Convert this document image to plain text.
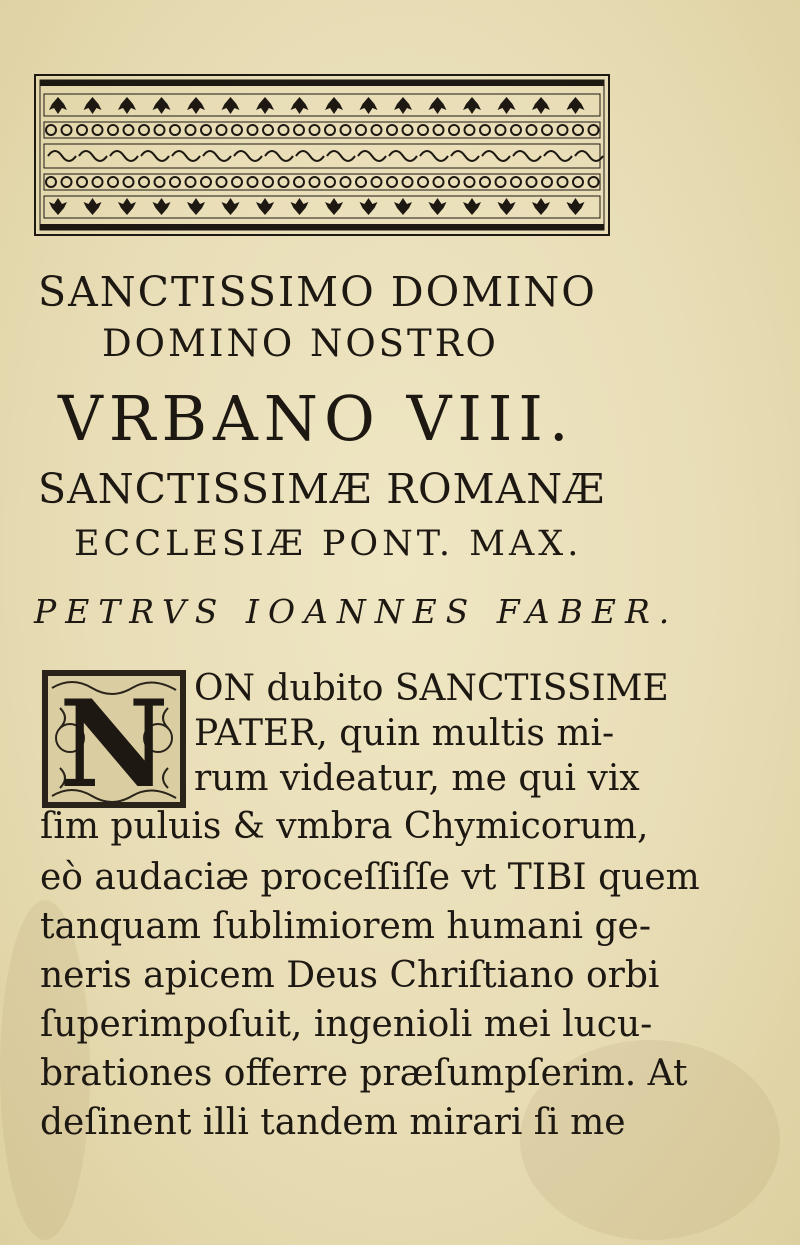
SANCTISSIMO DOMINO
DOMINO NOSTRO
VRBANO VIII.
SANCTISSIMÆ ROMANÆ
ECCLESIÆ PONT. MAX.
PETRVS IOANNES FABER.
N ON dubito SANCTISSIME
PATER, quin multis mi-
rum videatur, me qui vix
ſim puluis & vmbra Chymicorum,
eò audaciæ proceſſiſſe vt TIBI quem
tanquam ſublimiorem humani ge-
neris apicem Deus Chriſtiano orbi
ſuperimpoſuit, ingenioli mei lucu-
brationes offerre præſumpſerim. At
deſinent illi tandem mirari ſi me
